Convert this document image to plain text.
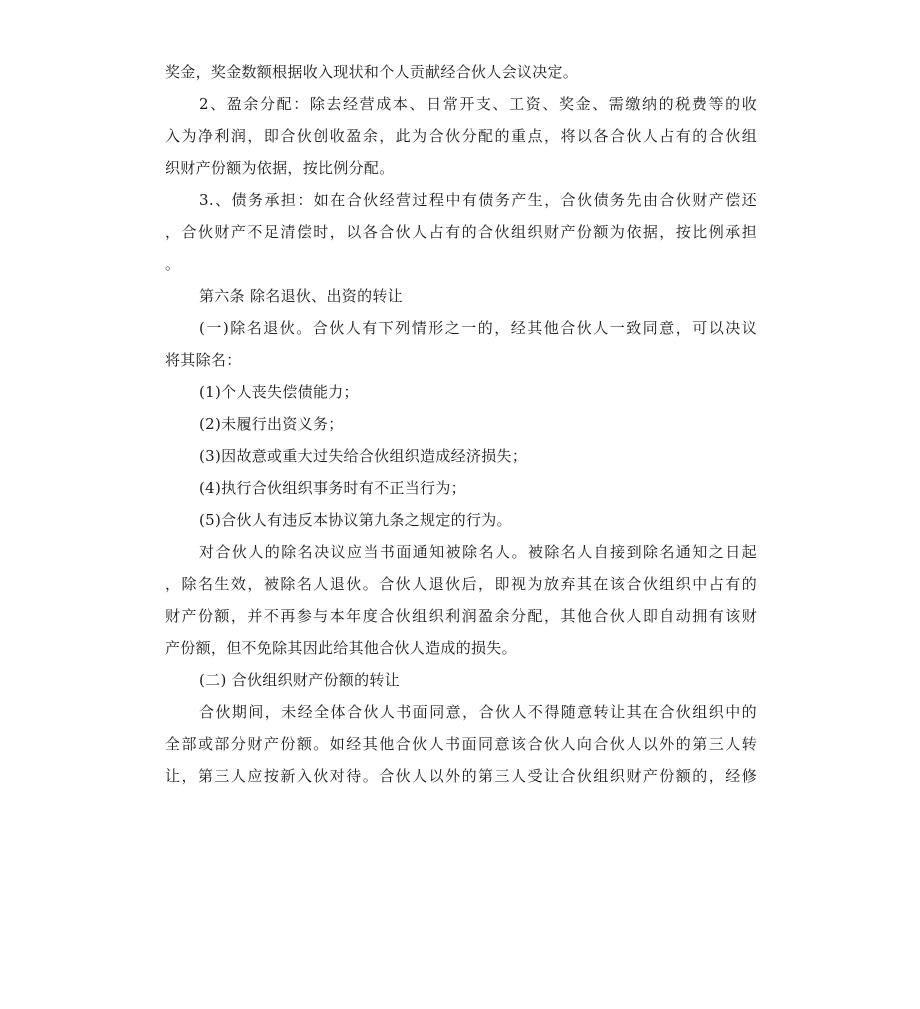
奖金，奖金数额根据收入现状和个人贡献经合伙人会议决定。
2、盈余分配：除去经营成本、日常开支、工资、奖金、需缴纳的税费等的收
入为净利润，即合伙创收盈余，此为合伙分配的重点，将以各合伙人占有的合伙组
织财产份额为依据，按比例分配。
3.、债务承担：如在合伙经营过程中有债务产生，合伙债务先由合伙财产偿还
，合伙财产不足清偿时，以各合伙人占有的合伙组织财产份额为依据，按比例承担
。
第六条 除名退伙、出资的转让
(一)除名退伙。合伙人有下列情形之一的，经其他合伙人一致同意，可以决议
将其除名：
(1)个人丧失偿债能力；
(2)未履行出资义务；
(3)因故意或重大过失给合伙组织造成经济损失；
(4)执行合伙组织事务时有不正当行为；
(5)合伙人有违反本协议第九条之规定的行为。
对合伙人的除名决议应当书面通知被除名人。被除名人自接到除名通知之日起
，除名生效，被除名人退伙。合伙人退伙后，即视为放弃其在该合伙组织中占有的
财产份额，并不再参与本年度合伙组织利润盈余分配，其他合伙人即自动拥有该财
产份额，但不免除其因此给其他合伙人造成的损失。
(二) 合伙组织财产份额的转让
合伙期间，未经全体合伙人书面同意，合伙人不得随意转让其在合伙组织中的
全部或部分财产份额。如经其他合伙人书面同意该合伙人向合伙人以外的第三人转
让，第三人应按新入伙对待。合伙人以外的第三人受让合伙组织财产份额的，经修
